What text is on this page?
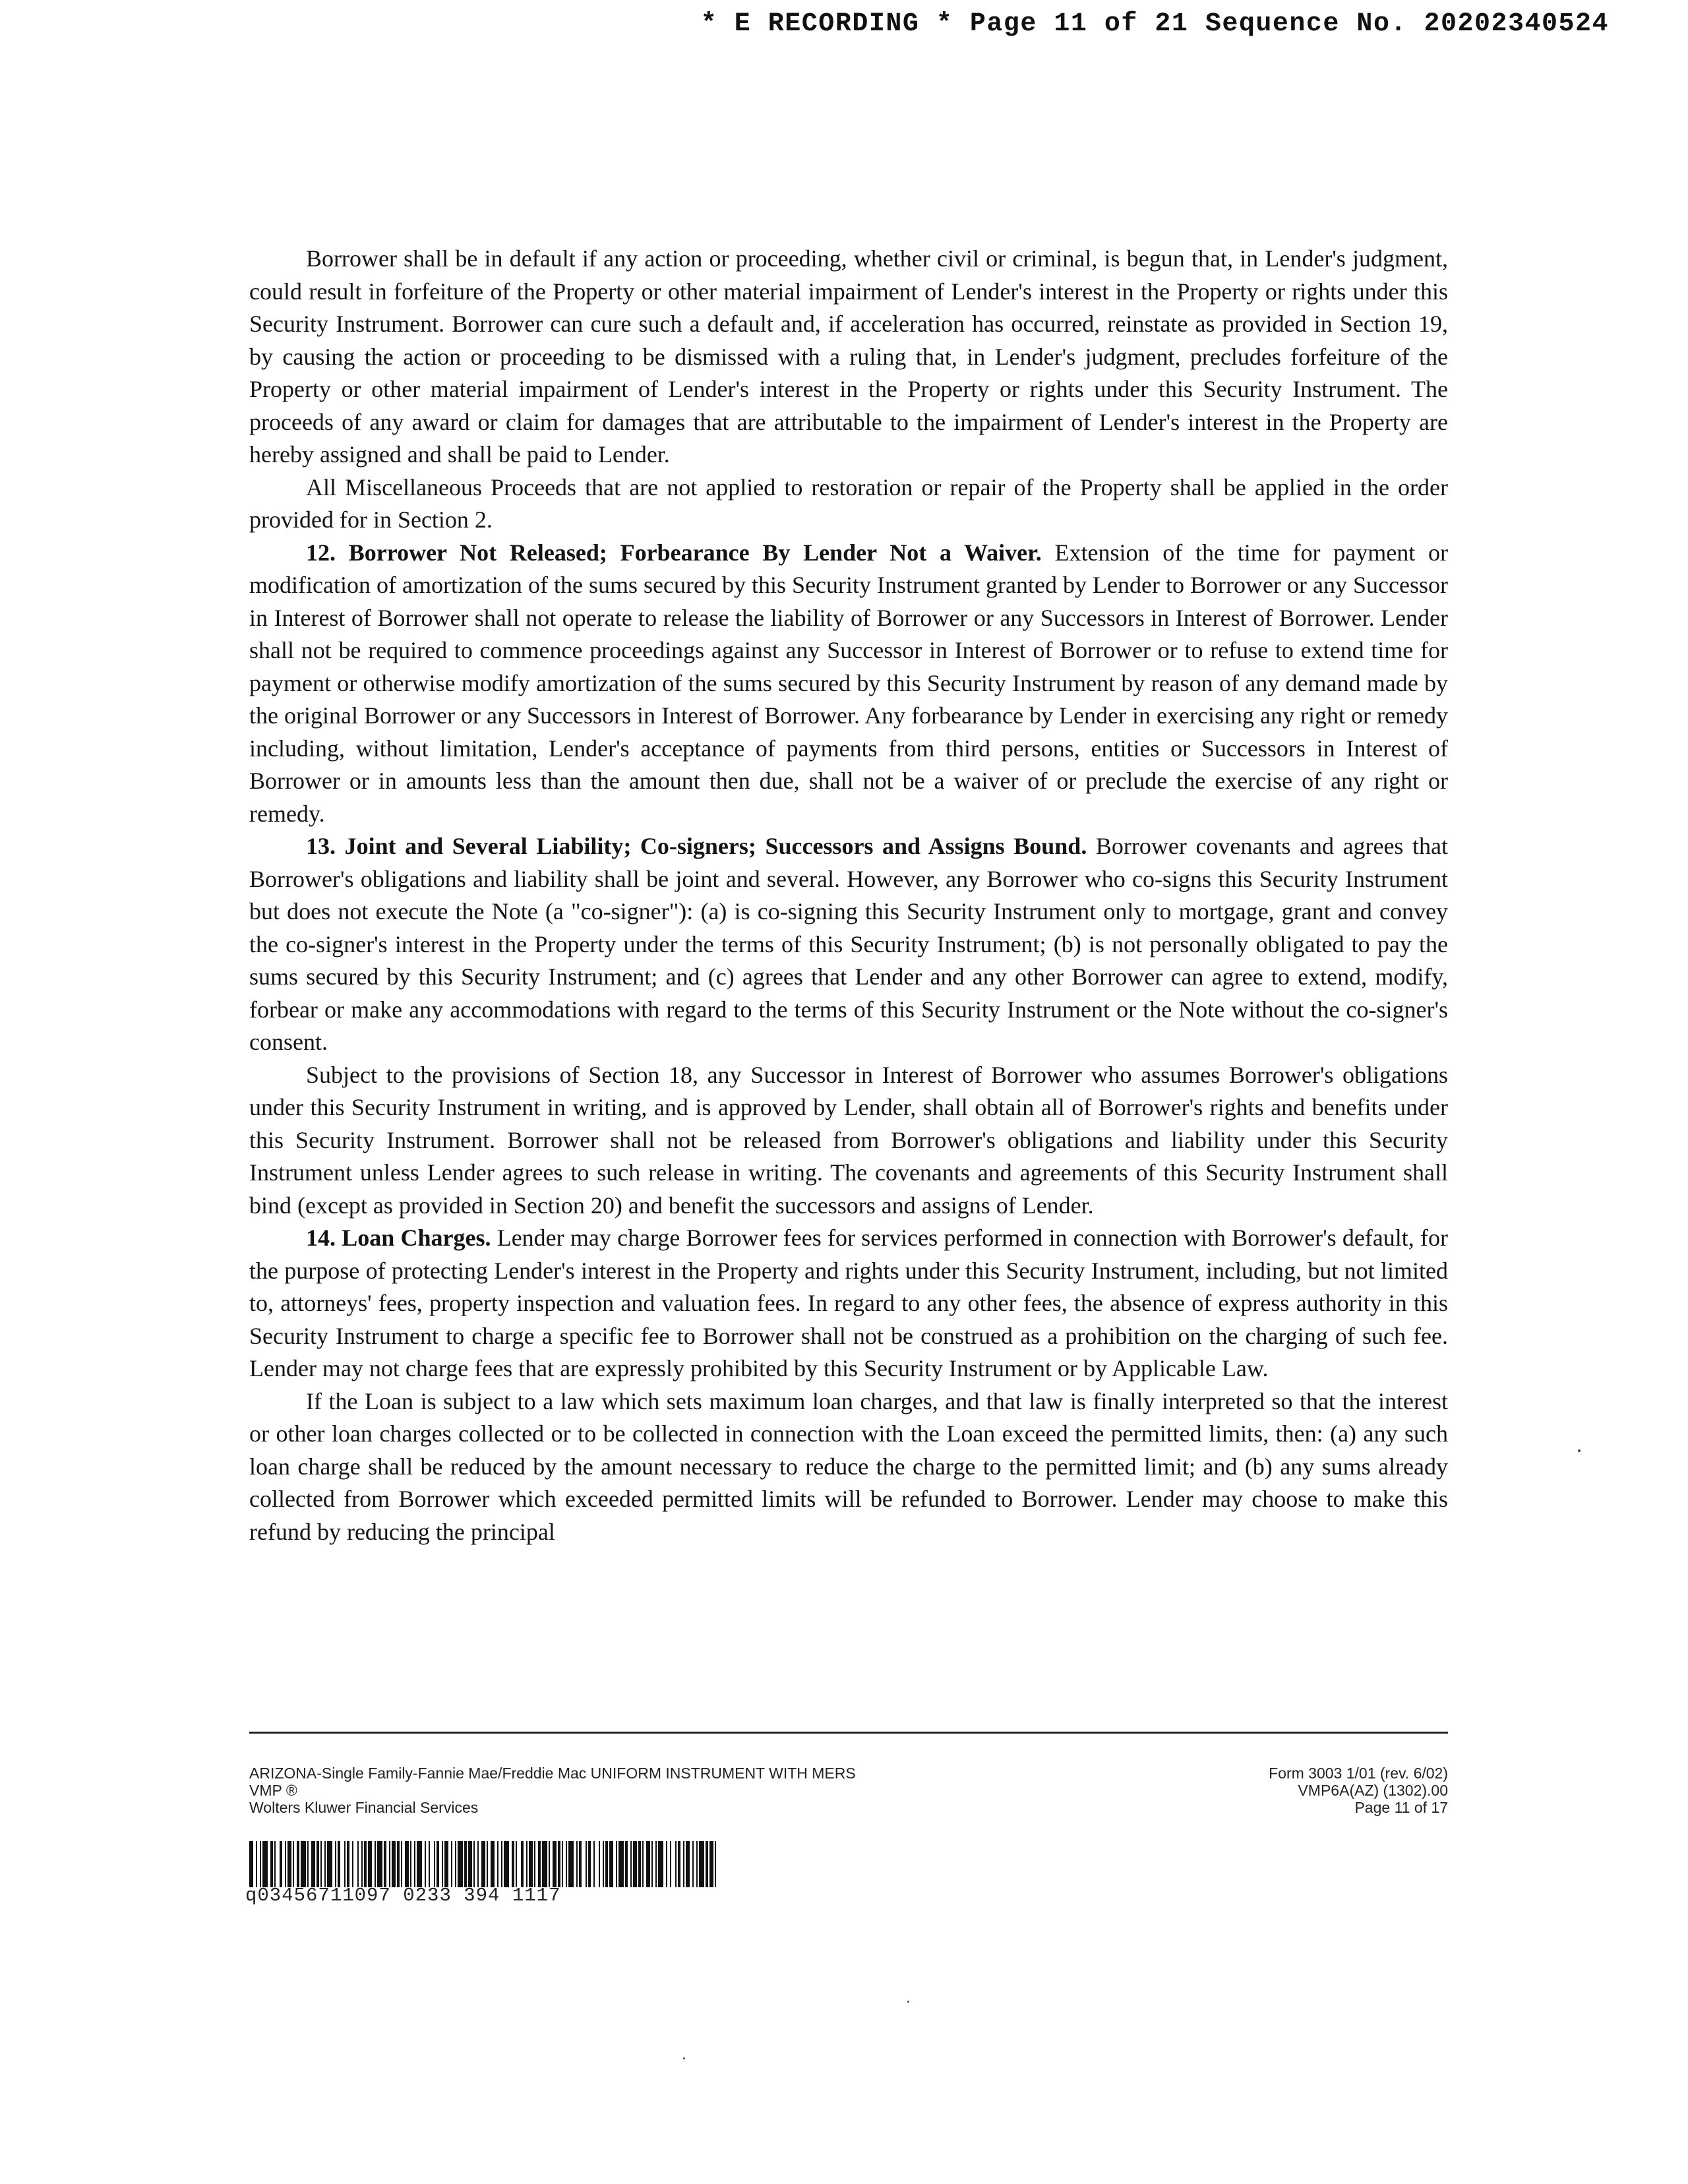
* E RECORDING * Page 11 of 21 Sequence No. 20202340524

Borrower shall be in default if any action or proceeding, whether civil or criminal, is begun that, in Lender's judgment, could result in forfeiture of the Property or other material impairment of Lender's interest in the Property or rights under this Security Instrument. Borrower can cure such a default and, if acceleration has occurred, reinstate as provided in Section 19, by causing the action or proceeding to be dismissed with a ruling that, in Lender's judgment, precludes forfeiture of the Property or other material impairment of Lender's interest in the Property or rights under this Security Instrument. The proceeds of any award or claim for damages that are attributable to the impairment of Lender's interest in the Property are hereby assigned and shall be paid to Lender.

All Miscellaneous Proceeds that are not applied to restoration or repair of the Property shall be applied in the order provided for in Section 2.

12. Borrower Not Released; Forbearance By Lender Not a Waiver. Extension of the time for payment or modification of amortization of the sums secured by this Security Instrument granted by Lender to Borrower or any Successor in Interest of Borrower shall not operate to release the liability of Borrower or any Successors in Interest of Borrower. Lender shall not be required to commence proceedings against any Successor in Interest of Borrower or to refuse to extend time for payment or otherwise modify amortization of the sums secured by this Security Instrument by reason of any demand made by the original Borrower or any Successors in Interest of Borrower. Any forbearance by Lender in exercising any right or remedy including, without limitation, Lender's acceptance of payments from third persons, entities or Successors in Interest of Borrower or in amounts less than the amount then due, shall not be a waiver of or preclude the exercise of any right or remedy.

13. Joint and Several Liability; Co-signers; Successors and Assigns Bound. Borrower covenants and agrees that Borrower's obligations and liability shall be joint and several. However, any Borrower who co-signs this Security Instrument but does not execute the Note (a "co-signer"): (a) is co-signing this Security Instrument only to mortgage, grant and convey the co-signer's interest in the Property under the terms of this Security Instrument; (b) is not personally obligated to pay the sums secured by this Security Instrument; and (c) agrees that Lender and any other Borrower can agree to extend, modify, forbear or make any accommodations with regard to the terms of this Security Instrument or the Note without the co-signer's consent.

Subject to the provisions of Section 18, any Successor in Interest of Borrower who assumes Borrower's obligations under this Security Instrument in writing, and is approved by Lender, shall obtain all of Borrower's rights and benefits under this Security Instrument. Borrower shall not be released from Borrower's obligations and liability under this Security Instrument unless Lender agrees to such release in writing. The covenants and agreements of this Security Instrument shall bind (except as provided in Section 20) and benefit the successors and assigns of Lender.

14. Loan Charges. Lender may charge Borrower fees for services performed in connection with Borrower's default, for the purpose of protecting Lender's interest in the Property and rights under this Security Instrument, including, but not limited to, attorneys' fees, property inspection and valuation fees. In regard to any other fees, the absence of express authority in this Security Instrument to charge a specific fee to Borrower shall not be construed as a prohibition on the charging of such fee. Lender may not charge fees that are expressly prohibited by this Security Instrument or by Applicable Law.

If the Loan is subject to a law which sets maximum loan charges, and that law is finally interpreted so that the interest or other loan charges collected or to be collected in connection with the Loan exceed the permitted limits, then: (a) any such loan charge shall be reduced by the amount necessary to reduce the charge to the permitted limit; and (b) any sums already collected from Borrower which exceeded permitted limits will be refunded to Borrower. Lender may choose to make this refund by reducing the principal

ARIZONA-Single Family-Fannie Mae/Freddie Mac UNIFORM INSTRUMENT WITH MERS
VMP ®
Wolters Kluwer Financial Services
Form 3003 1/01 (rev. 6/02)
VMP6A(AZ) (1302).00
Page 11 of 17
q03456711097 0233 394 1117
